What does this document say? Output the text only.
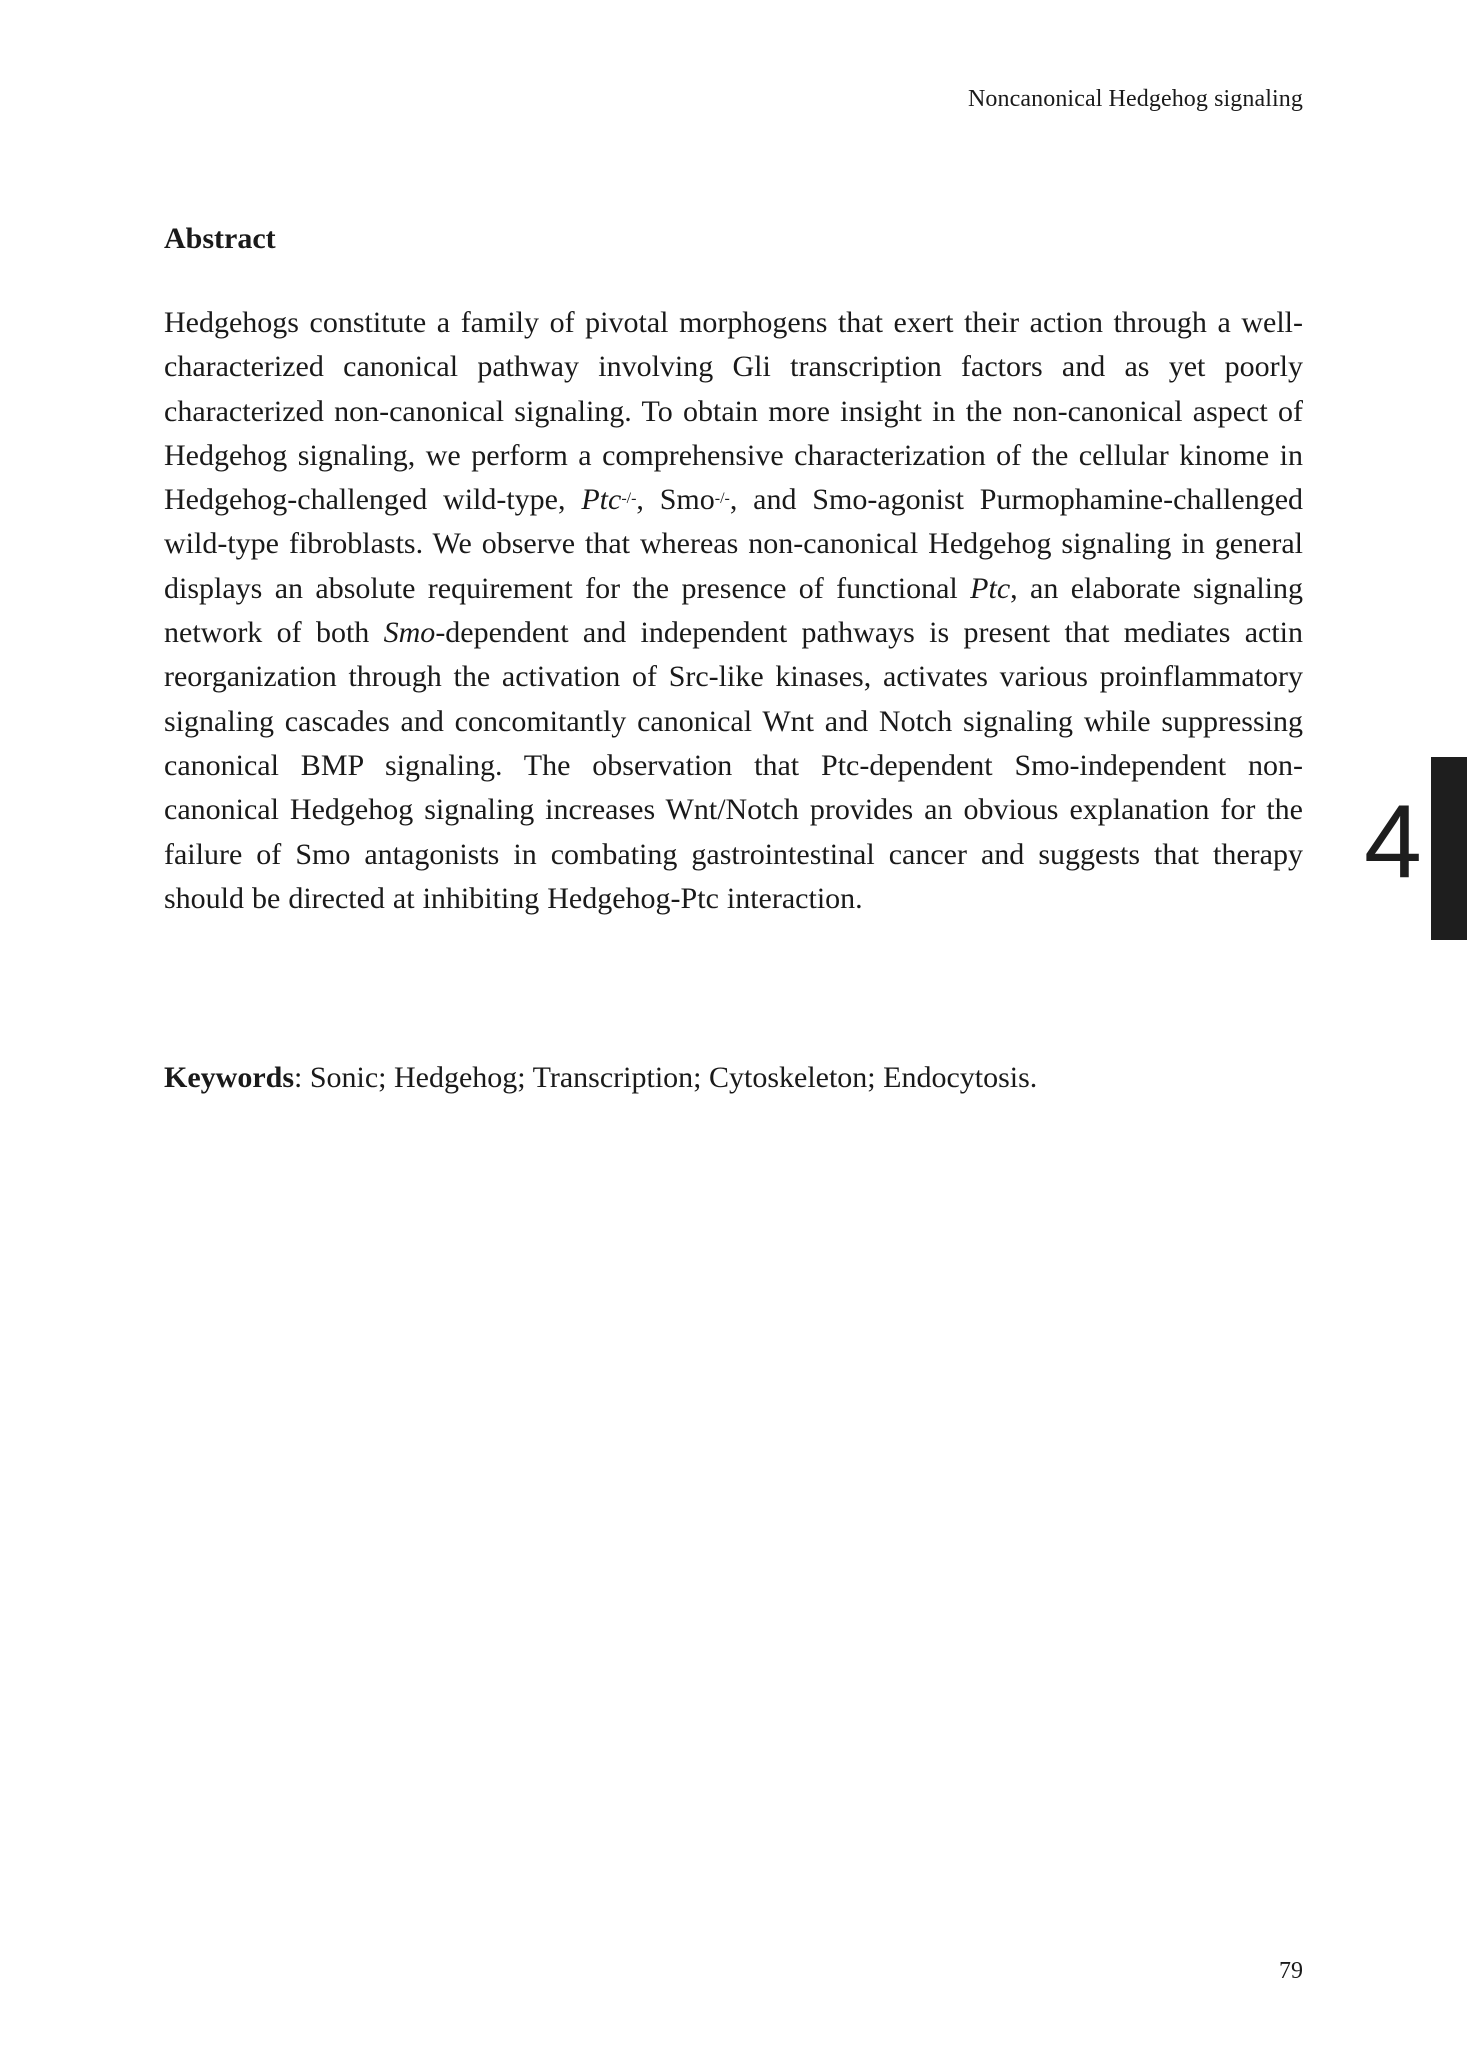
Noncanonical Hedgehog signaling
Abstract

Hedgehogs constitute a family of pivotal morphogens that exert their action through a well-characterized canonical pathway involving Gli transcription factors and as yet poorly characterized non-canonical signaling. To obtain more insight in the non-canonical aspect of Hedgehog signaling, we perform a comprehensive characterization of the cellular kinome in Hedgehog-challenged wild-type, Ptc-/-, Smo-/-, and Smo-agonist Purmophamine-challenged wild-type fibroblasts. We observe that whereas non-canonical Hedgehog signaling in general displays an absolute requirement for the presence of functional Ptc, an elaborate signaling network of both Smo-dependent and independent pathways is present that mediates actin reorganization through the activation of Src-like kinases, activates various proinflammatory signaling cascades and concomitantly canonical Wnt and Notch signaling while suppressing canonical BMP signaling. The observation that Ptc-dependent Smo-independent non-canonical Hedgehog signaling increases Wnt/Notch provides an obvious explanation for the failure of Smo antagonists in combating gastrointestinal cancer and suggests that therapy should be directed at inhibiting Hedgehog-Ptc interaction.

Keywords: Sonic; Hedgehog; Transcription; Cytoskeleton; Endocytosis.

4
79
